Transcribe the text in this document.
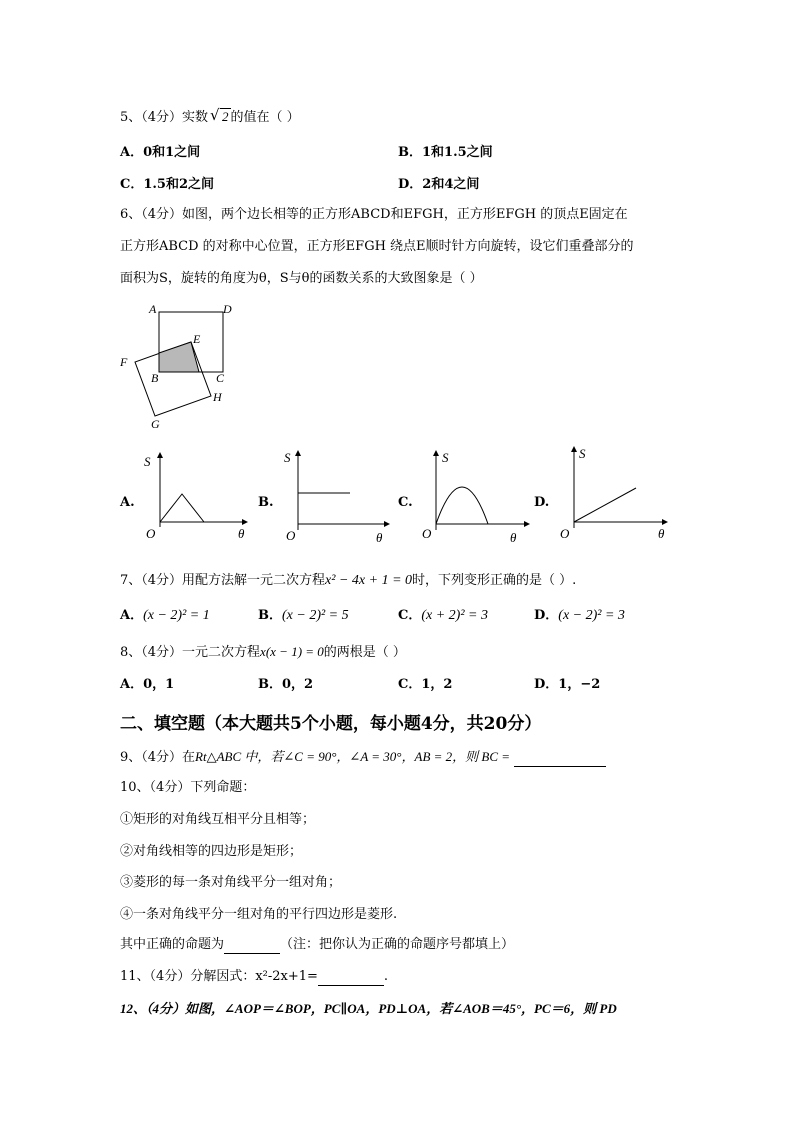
5、（4分）实数 √ 2 的值在（ ）
A．0和1之间	B．1和1.5之间
C．1.5和2之间	D．2和4之间
6、（4分）如图，两个边长相等的正方形ABCD和EFGH，正方形EFGH 的顶点E固定在
正方形ABCD 的对称中心位置，正方形EFGH 绕点E顺时针方向旋转，设它们重叠部分的
面积为S，旋转的角度为θ，S与θ的函数关系的大致图象是（ ）
A	D
E
F
B	C
H
G
A.
S
O	θ
B.
S
O	θ
C.
S
O	θ
D.
S
O	θ
7、（4分）用配方法解一元二次方程x² − 4x + 1 = 0时，下列变形正确的是（ ）.
A．(x − 2)² = 1	B．(x − 2)² = 5	C．(x + 2)² = 3	D．(x − 2)² = 3
8、（4分）一元二次方程x(x − 1) = 0的两根是（ ）
A．0，1	B．0，2	C．1，2	D．1，−2
二、填空题（本大题共5个小题，每小题4分，共20分）
9、（4分）在Rt△ABC 中，若∠C = 90°，∠A = 30°，AB = 2，则 BC =
10、（4分）下列命题：
①矩形的对角线互相平分且相等；
②对角线相等的四边形是矩形；
③菱形的每一条对角线平分一组对角；
④一条对角线平分一组对角的平行四边形是菱形.
其中正确的命题为	（注：把你认为正确的命题序号都填上）
11、（4分）分解因式：x²-2x+1=	.
12、（4分）如图，∠AOP＝∠BOP，PC∥OA，PD⊥OA，若∠AOB＝45°，PC＝6，则 PD
